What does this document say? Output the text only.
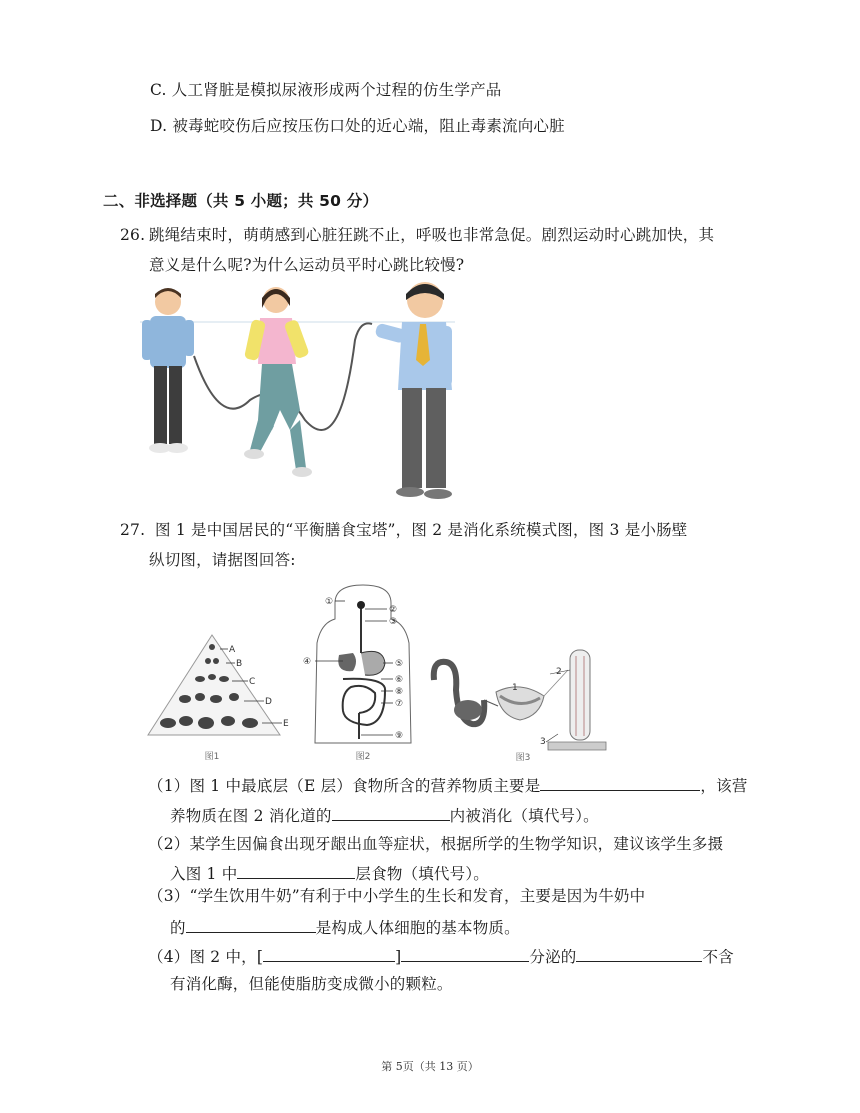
C. 人工肾脏是模拟尿液形成两个过程的仿生学产品
D. 被毒蛇咬伤后应按压伤口处的近心端，阻止毒素流向心脏
二、非选择题（共 5 小题；共 50 分）
26. 跳绳结束时，萌萌感到心脏狂跳不止，呼吸也非常急促。剧烈运动时心跳加快，其
意义是什么呢?为什么运动员平时心跳比较慢?
27. 图 1 是中国居民的“平衡膳食宝塔”，图 2 是消化系统模式图，图 3 是小肠壁
纵切图，请据图回答:
A
B
C
D
E
图1
①
②
③
④	⑤
⑥
⑧
⑦
⑨
图2
1
2
3
图3
（1）图 1 中最底层（E 层）食物所含的营养物质主要是	，该营
养物质在图 2 消化道的	内被消化（填代号）。
（2）某学生因偏食出现牙龈出血等症状，根据所学的生物学知识，建议该学生多摄
入图 1 中	层食物（填代号）。
（3）“学生饮用牛奶”有利于中小学生的生长和发育，主要是因为牛奶中
的	是构成人体细胞的基本物质。
（4）图 2 中，[	]	分泌的	不含
有消化酶，但能使脂肪变成微小的颗粒。
第 5页（共 13 页）
